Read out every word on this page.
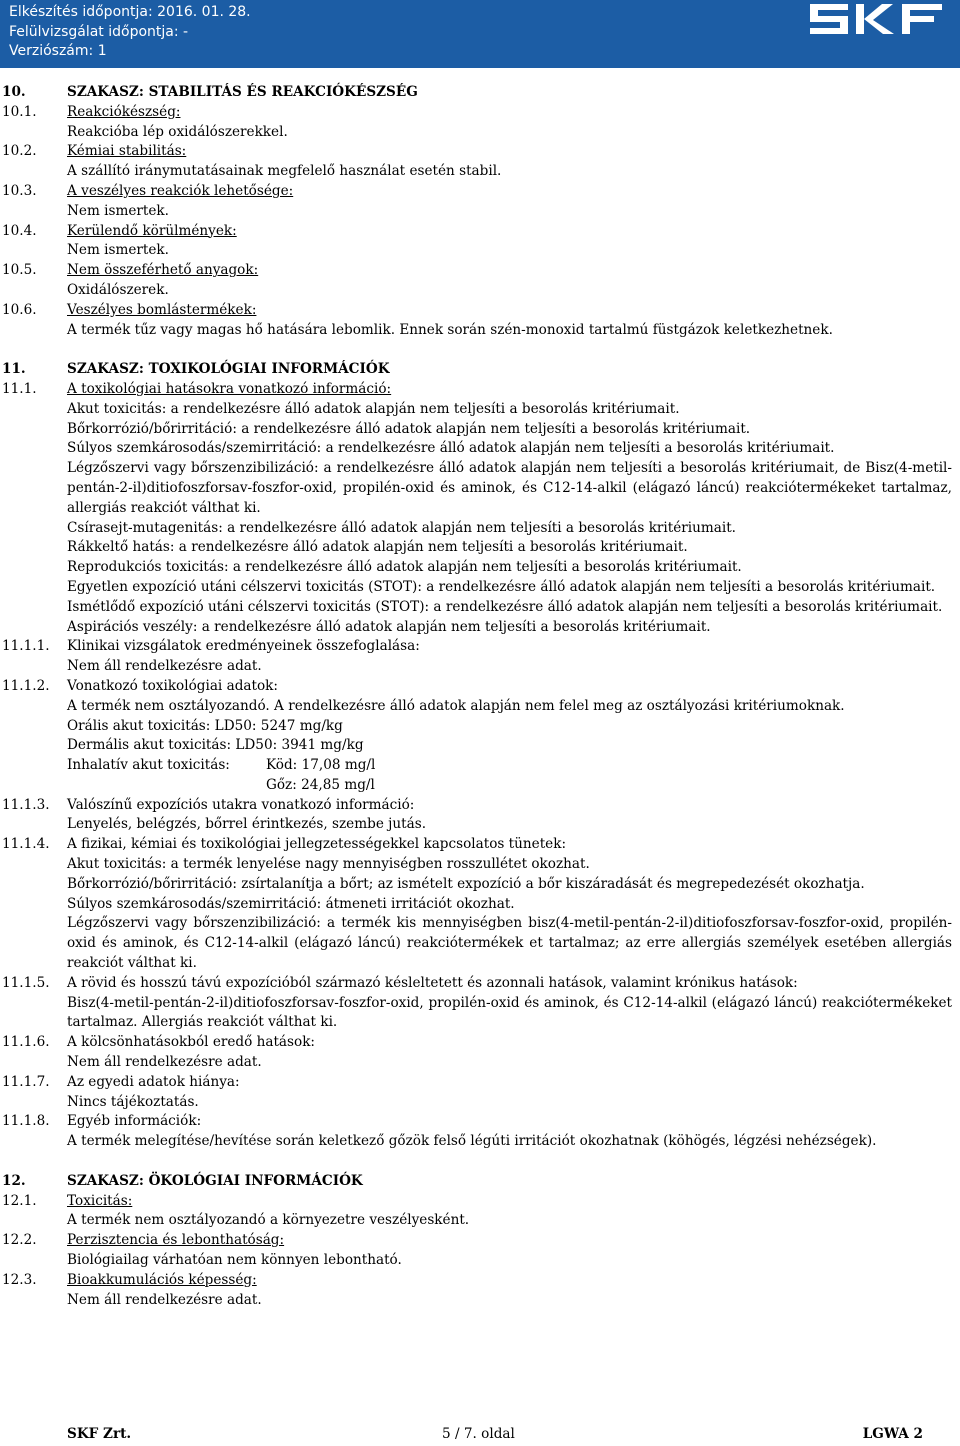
Elkészítés időpontja: 2016. 01. 28.
Felülvizsgálat időpontja: -
Verziószám: 1
10.	SZAKASZ: STABILITÁS ÉS REAKCIÓKÉSZSÉG
10.1.	Reakciókészség:
Reakcióba lép oxidálószerekkel.
10.2.	Kémiai stabilitás:
A szállító iránymutatásainak megfelelő használat esetén stabil.
10.3.	A veszélyes reakciók lehetősége:
Nem ismertek.
10.4.	Kerülendő körülmények:
Nem ismertek.
10.5.	Nem összeférhető anyagok:
Oxidálószerek.
10.6.	Veszélyes bomlástermékek:
A termék tűz vagy magas hő hatására lebomlik. Ennek során szén-monoxid tartalmú füstgázok keletkezhetnek.
11.	SZAKASZ: TOXIKOLÓGIAI INFORMÁCIÓK
11.1.	A toxikológiai hatásokra vonatkozó információ:
Akut toxicitás: a rendelkezésre álló adatok alapján nem teljesíti a besorolás kritériumait.
Bőrkorrózió/bőrirritáció: a rendelkezésre álló adatok alapján nem teljesíti a besorolás kritériumait.
Súlyos szemkárosodás/szemirritáció: a rendelkezésre álló adatok alapján nem teljesíti a besorolás kritériumait.
Légzőszervi vagy bőrszenzibilizáció: a rendelkezésre álló adatok alapján nem teljesíti a besorolás kritériumait, de Bisz(4-metil-pentán-2-il)ditiofoszforsav-foszfor-oxid, propilén-oxid és aminok, és C12-14-alkil (elágazó láncú) reakciótermékeket tartalmaz, allergiás reakciót válthat ki.
Csírasejt-mutagenitás: a rendelkezésre álló adatok alapján nem teljesíti a besorolás kritériumait.
Rákkeltő hatás: a rendelkezésre álló adatok alapján nem teljesíti a besorolás kritériumait.
Reprodukciós toxicitás: a rendelkezésre álló adatok alapján nem teljesíti a besorolás kritériumait.
Egyetlen expozíció utáni célszervi toxicitás (STOT): a rendelkezésre álló adatok alapján nem teljesíti a besorolás kritériumait.
Ismétlődő expozíció utáni célszervi toxicitás (STOT): a rendelkezésre álló adatok alapján nem teljesíti a besorolás kritériumait.
Aspirációs veszély: a rendelkezésre álló adatok alapján nem teljesíti a besorolás kritériumait.
11.1.1.	Klinikai vizsgálatok eredményeinek összefoglalása:
Nem áll rendelkezésre adat.
11.1.2.	Vonatkozó toxikológiai adatok:
A termék nem osztályozandó. A rendelkezésre álló adatok alapján nem felel meg az osztályozási kritériumoknak.
Orális akut toxicitás: LD50: 5247 mg/kg
Dermális akut toxicitás: LD50: 3941 mg/kg
Inhalatív akut toxicitás:	Köd: 17,08 mg/l
Gőz: 24,85 mg/l
11.1.3.	Valószínű expozíciós utakra vonatkozó információ:
Lenyelés, belégzés, bőrrel érintkezés, szembe jutás.
11.1.4.	A fizikai, kémiai és toxikológiai jellegzetességekkel kapcsolatos tünetek:
Akut toxicitás: a termék lenyelése nagy mennyiségben rosszullétet okozhat.
Bőrkorrózió/bőrirritáció: zsírtalanítja a bőrt; az ismételt expozíció a bőr kiszáradását és megrepedezését okozhatja.
Súlyos szemkárosodás/szemirritáció: átmeneti irritációt okozhat.
Légzőszervi vagy bőrszenzibilizáció: a termék kis mennyiségben bisz(4-metil-pentán-2-il)ditiofoszforsav-foszfor-oxid, propilén-oxid és aminok, és C12-14-alkil (elágazó láncú) reakciótermékek et tartalmaz; az erre allergiás személyek esetében allergiás reakciót válthat ki.
11.1.5.	A rövid és hosszú távú expozícióból származó késleltetett és azonnali hatások, valamint krónikus hatások:
Bisz(4-metil-pentán-2-il)ditiofoszforsav-foszfor-oxid, propilén-oxid és aminok, és C12-14-alkil (elágazó láncú) reakciótermékeket tartalmaz. Allergiás reakciót válthat ki.
11.1.6.	A kölcsönhatásokból eredő hatások:
Nem áll rendelkezésre adat.
11.1.7.	Az egyedi adatok hiánya:
Nincs tájékoztatás.
11.1.8.	Egyéb információk:
A termék melegítése/hevítése során keletkező gőzök felső légúti irritációt okozhatnak (köhögés, légzési nehézségek).
12.	SZAKASZ: ÖKOLÓGIAI INFORMÁCIÓK
12.1.	Toxicitás:
A termék nem osztályozandó a környezetre veszélyesként.
12.2.	Perzisztencia és lebonthatóság:
Biológiailag várhatóan nem könnyen lebontható.
12.3.	Bioakkumulációs képesség:
Nem áll rendelkezésre adat.
SKF Zrt.	5 / 7. oldal	LGWA 2
